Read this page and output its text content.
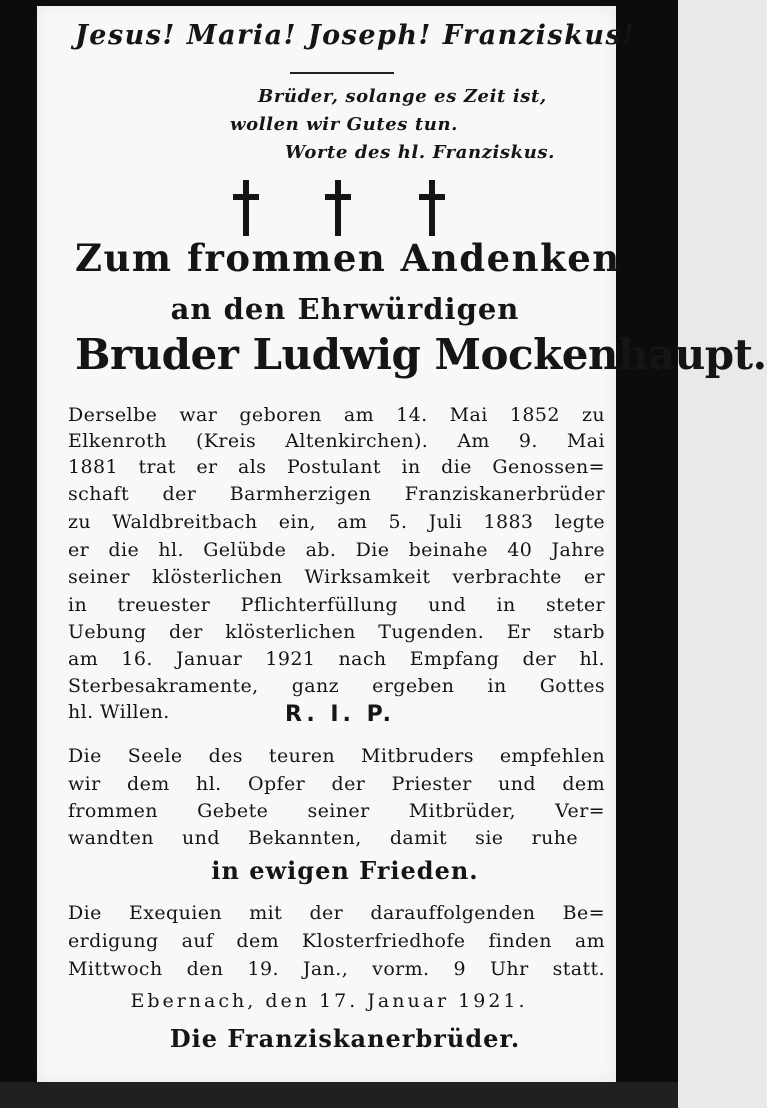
Jesus! Maria! Joseph! Franziskus!
Brüder, solange es Zeit ist,
wollen wir Gutes tun.
Worte des hl. Franziskus.
Zum frommen Andenken
an den Ehrwürdigen
Bruder Ludwig Mockenhaupt.
Derselbe war geboren am 14. Mai 1852 zu
Elkenroth (Kreis Altenkirchen). Am 9. Mai
1881 trat er als Postulant in die Genossen=
schaft der Barmherzigen Franziskanerbrüder
zu Waldbreitbach ein, am 5. Juli 1883 legte
er die hl. Gelübde ab. Die beinahe 40 Jahre
seiner klösterlichen Wirksamkeit verbrachte er
in treuester Pflichterfüllung und in steter
Uebung der klösterlichen Tugenden. Er starb
am 16. Januar 1921 nach Empfang der hl.
Sterbesakramente, ganz ergeben in Gottes
hl. Willen.	R. I. P.
Die Seele des teuren Mitbruders empfehlen
wir dem hl. Opfer der Priester und dem
frommen Gebete seiner Mitbrüder, Ver=
wandten und Bekannten, damit sie ruhe
in ewigen Frieden.
Die Exequien mit der darauffolgenden Be=
erdigung auf dem Klosterfriedhofe finden am
Mittwoch den 19. Jan., vorm. 9 Uhr statt.
Ebernach, den 17. Januar 1921.
Die Franziskanerbrüder.
